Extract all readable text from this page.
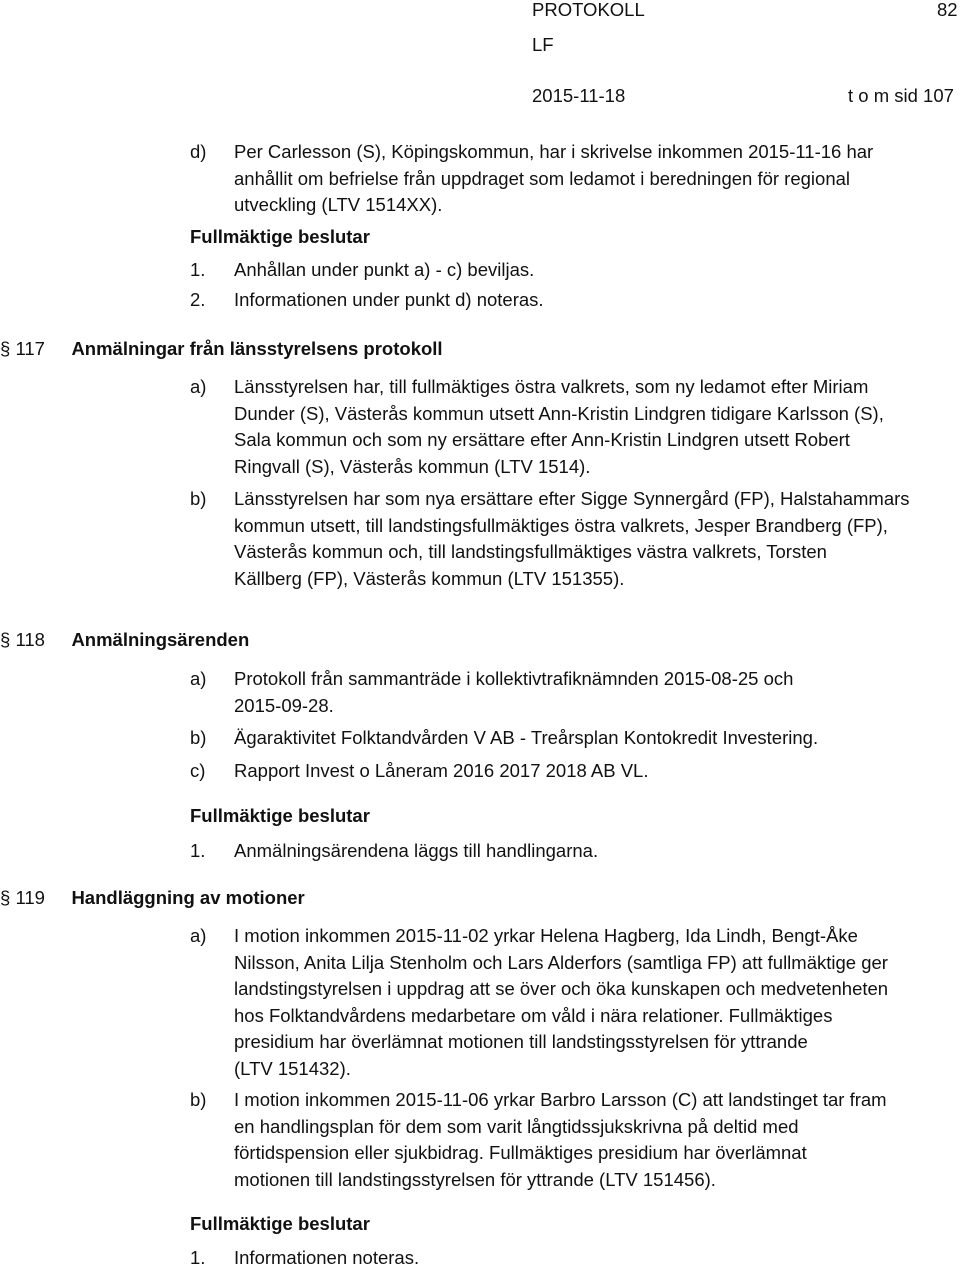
PROTOKOLL	82
LF
2015-11-18	t o m sid 107
d)	Per Carlesson (S), Köpingskommun, har i skrivelse inkommen 2015-11-16 har
anhållit om befrielse från uppdraget som ledamot i beredningen för regional
utveckling (LTV 1514XX).
Fullmäktige beslutar
1.	Anhållan under punkt a) - c) beviljas.
2.	Informationen under punkt d) noteras.
§ 117 Anmälningar från länsstyrelsens protokoll
a)	Länsstyrelsen har, till fullmäktiges östra valkrets, som ny ledamot efter Miriam
Dunder (S), Västerås kommun utsett Ann-Kristin Lindgren tidigare Karlsson (S),
Sala kommun och som ny ersättare efter Ann-Kristin Lindgren utsett Robert
Ringvall (S), Västerås kommun (LTV 1514).
b)	Länsstyrelsen har som nya ersättare efter Sigge Synnergård (FP), Halstahammars
kommun utsett, till landstingsfullmäktiges östra valkrets, Jesper Brandberg (FP),
Västerås kommun och, till landstingsfullmäktiges västra valkrets, Torsten
Källberg (FP), Västerås kommun (LTV 151355).
§ 118 Anmälningsärenden
a)	Protokoll från sammanträde i kollektivtrafiknämnden 2015-08-25 och
2015-09-28.
b)	Ägaraktivitet Folktandvården V AB - Treårsplan Kontokredit Investering.
c)	Rapport Invest o Låneram 2016 2017 2018 AB VL.
Fullmäktige beslutar
1.	Anmälningsärendena läggs till handlingarna.
§ 119 Handläggning av motioner
a)	I motion inkommen 2015-11-02 yrkar Helena Hagberg, Ida Lindh, Bengt-Åke
Nilsson, Anita Lilja Stenholm och Lars Alderfors (samtliga FP) att fullmäktige ger
landstingstyrelsen i uppdrag att se över och öka kunskapen och medvetenheten
hos Folktandvårdens medarbetare om våld i nära relationer. Fullmäktiges
presidium har överlämnat motionen till landstingsstyrelsen för yttrande
(LTV 151432).
b)	I motion inkommen 2015-11-06 yrkar Barbro Larsson (C) att landstinget tar fram
en handlingsplan för dem som varit långtidssjukskrivna på deltid med
förtidspension eller sjukbidrag. Fullmäktiges presidium har överlämnat
motionen till landstingsstyrelsen för yttrande (LTV 151456).
Fullmäktige beslutar
1.	Informationen noteras.
